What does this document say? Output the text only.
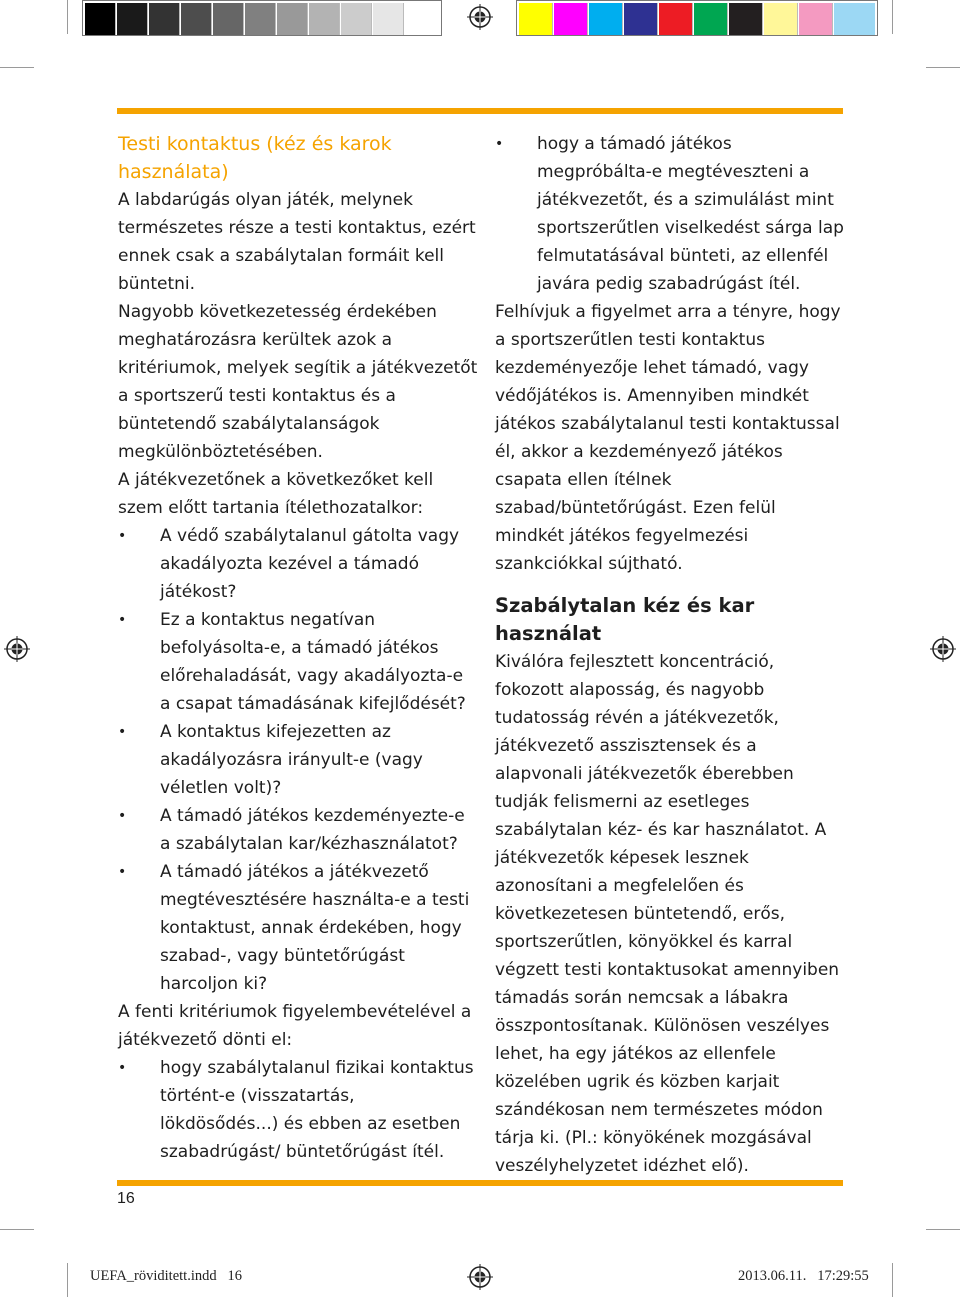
Testi kontaktus (kéz és karok használata)

A labdarúgás olyan játék, melynek természetes része a testi kontaktus, ezért ennek csak a szabálytalan formáit kell büntetni.

Nagyobb következetesség érdekében meghatározásra kerültek azok a kritériumok, melyek segítik a játékvezetőt a sportszerű testi kontaktus és a büntetendő szabálytalanságok megkülönböztetésében.

A játékvezetőnek a következőket kell szem előtt tartania ítélethozatalkor:

• A védő szabálytalanul gátolta vagy akadályozta kezével a támadó játékost?
• Ez a kontaktus negatívan befolyásolta-e, a támadó játékos előrehaladását, vagy akadályozta-e a csapat támadásának kifejlődését?
• A kontaktus kifejezetten az akadályozásra irányult-e (vagy véletlen volt)?
• A támadó játékos kezdeményezte-e a szabálytalan kar/kézhasználatot?
• A támadó játékos a játékvezető megtévesztésére használta-e a testi kontaktust, annak érdekében, hogy szabad-, vagy büntetőrúgást harcoljon ki?

A fenti kritériumok figyelembevételével a játékvezető dönti el:

• hogy szabálytalanul fizikai kontaktus történt-e (visszatartás, lökdösődés...) és ebben az esetben szabadrúgást/ büntetőrúgást ítél.
• hogy a támadó játékos megpróbálta-e megtéveszteni a játékvezetőt, és a szimulálást mint sportszerűtlen viselkedést sárga lap felmutatásával bünteti, az ellenfél javára pedig szabadrúgást ítél.

Felhívjuk a figyelmet arra a tényre, hogy a sportszerűtlen testi kontaktus kezdeményezője lehet támadó, vagy védőjátékos is. Amennyiben mindkét játékos szabálytalanul testi kontaktussal él, akkor a kezdeményező játékos csapata ellen ítélnek szabad/büntetőrúgást. Ezen felül mindkét játékos fegyelmezési szankciókkal sújtható.

Szabálytalan kéz és kar használat

Kiválóra fejlesztett koncentráció, fokozott alaposság, és nagyobb tudatosság révén a játékvezetők, játékvezető asszisztensek és a alapvonali játékvezetők éberebben tudják felismerni az esetleges szabálytalan kéz- és kar használatot. A játékvezetők képesek lesznek azonosítani a megfelelően és következetesen büntetendő, erős, sportszerűtlen, könyökkel és karral végzett testi kontaktusokat amennyiben támadás során nemcsak a lábakra összpontosítanak. Különösen veszélyes lehet, ha egy játékos az ellenfele közelében ugrik és közben karjait szándékosan nem természetes módon tárja ki. (Pl.: könyökének mozgásával veszélyhelyzetet idézhet elő).

16
UEFA_röviditett.indd   16	2013.06.11.   17:29:55
